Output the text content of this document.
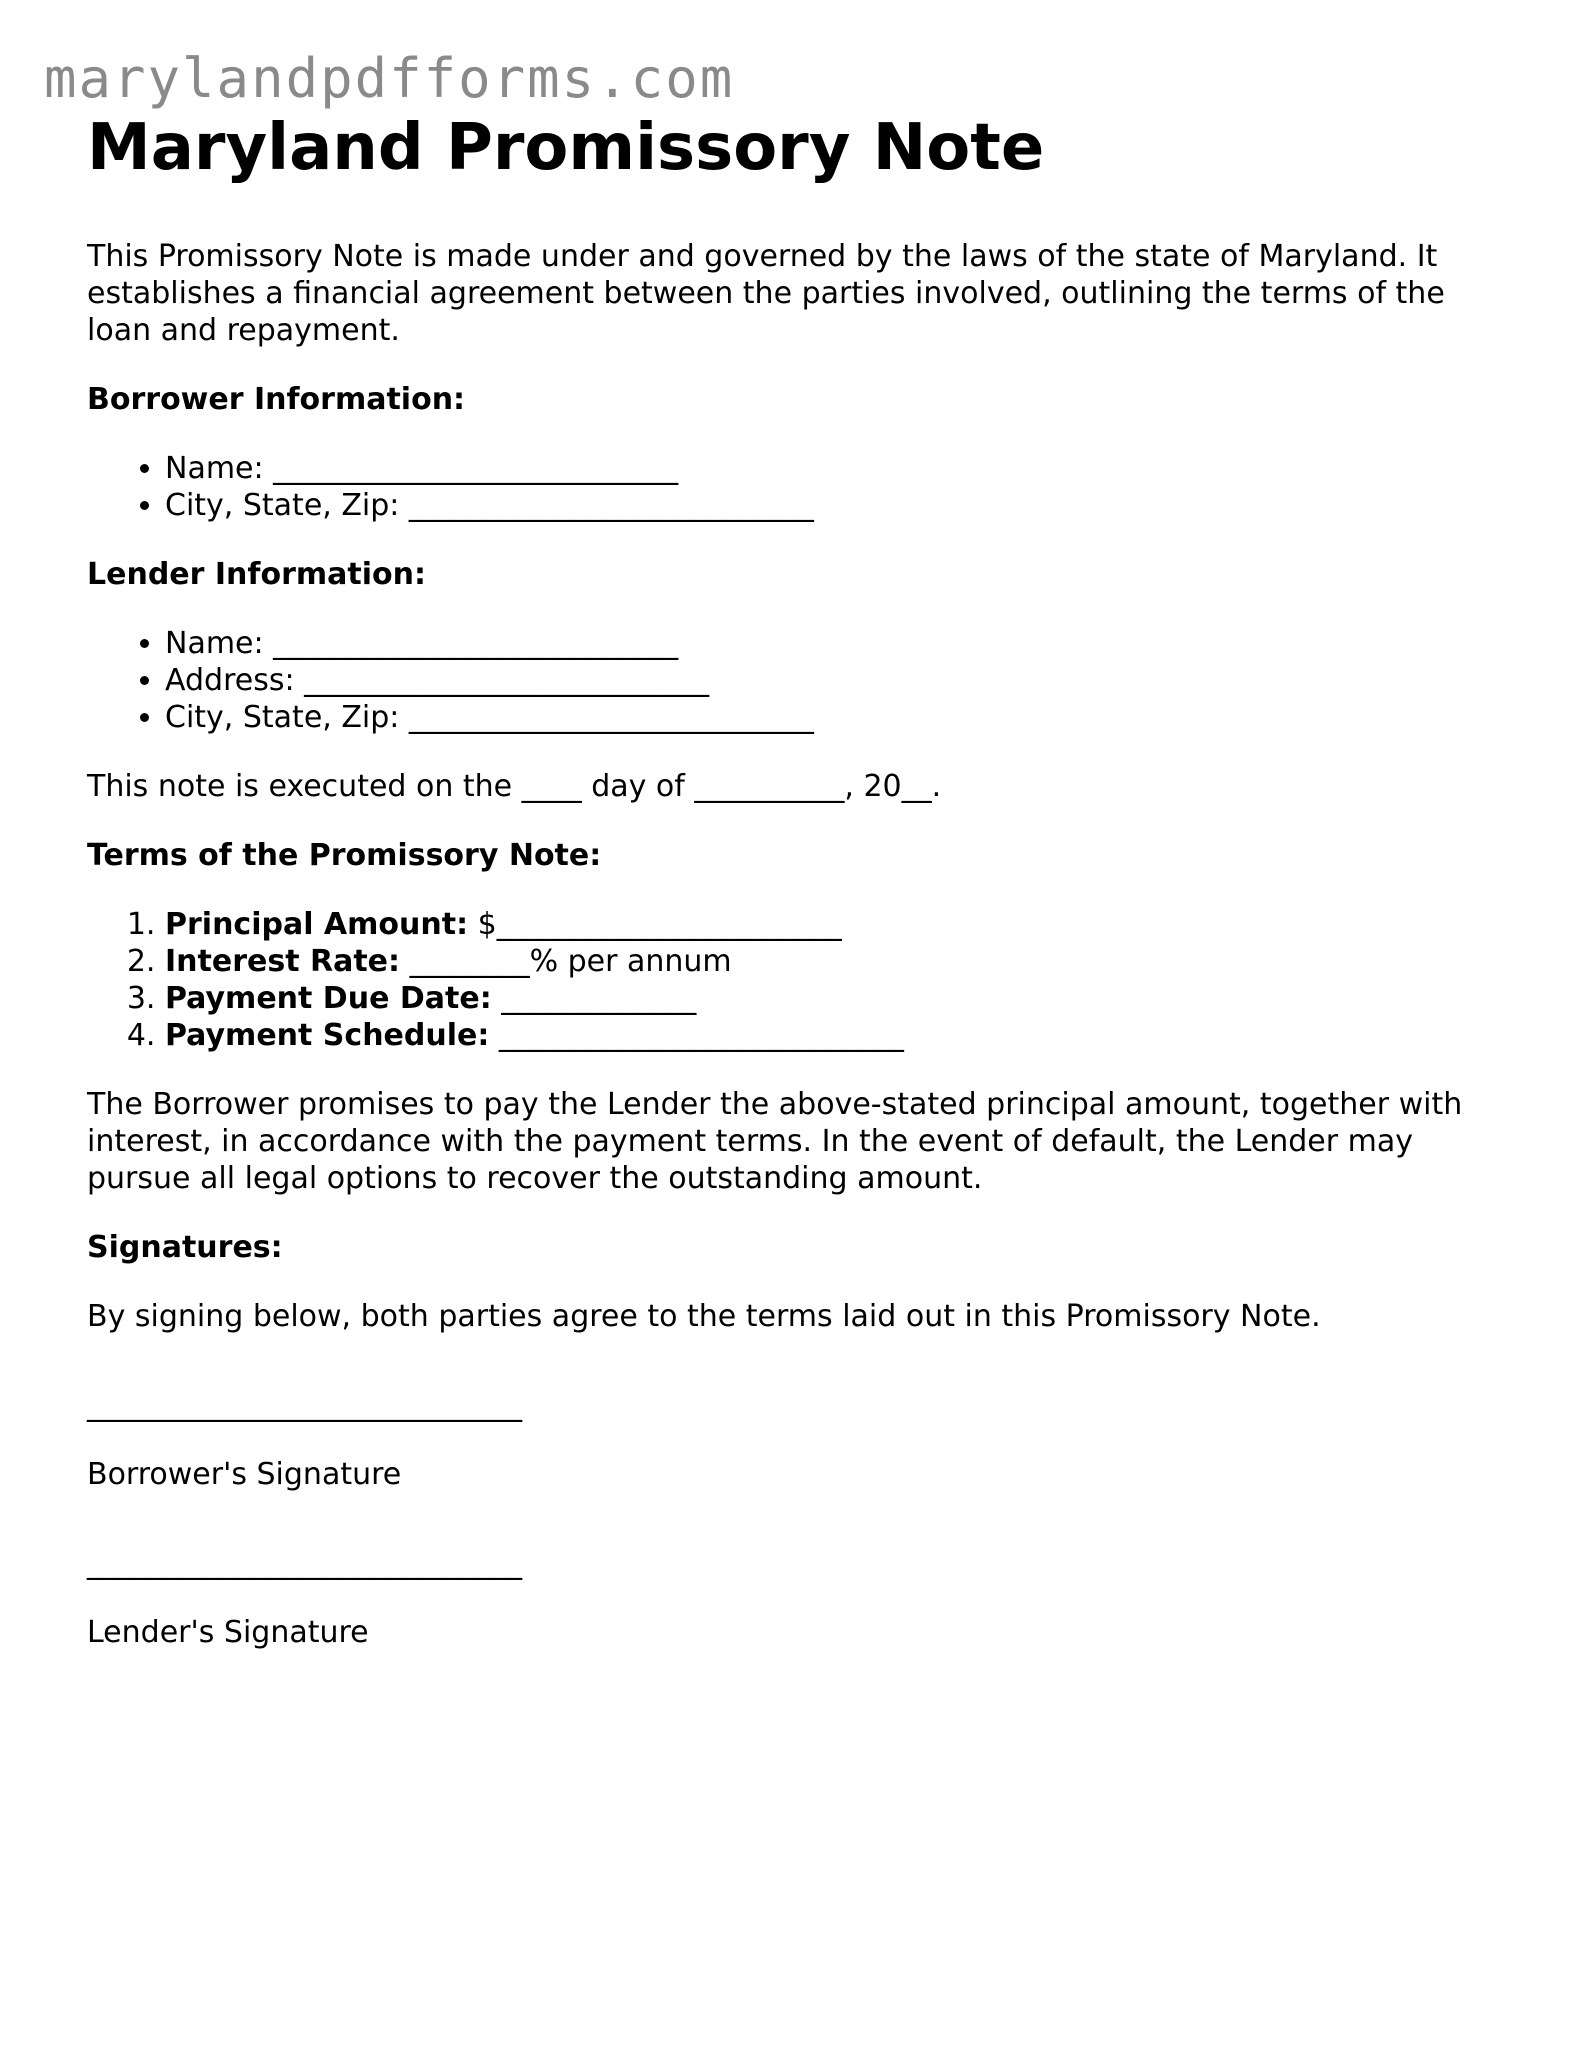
marylandpdfforms.com
Maryland Promissory Note

This Promissory Note is made under and governed by the laws of the state of Maryland. It establishes a financial agreement between the parties involved, outlining the terms of the loan and repayment.

Borrower Information:

• Name: ___________________________
• City, State, Zip: ___________________________

Lender Information:

• Name: ___________________________
• Address: ___________________________
• City, State, Zip: ___________________________

This note is executed on the ____ day of __________, 20__.

Terms of the Promissory Note:

1. Principal Amount: $_______________________
2. Interest Rate: ________% per annum
3. Payment Due Date: _____________
4. Payment Schedule: ___________________________

The Borrower promises to pay the Lender the above-stated principal amount, together with interest, in accordance with the payment terms. In the event of default, the Lender may pursue all legal options to recover the outstanding amount.

Signatures:

By signing below, both parties agree to the terms laid out in this Promissory Note.

_____________________________

Borrower's Signature

_____________________________

Lender's Signature
